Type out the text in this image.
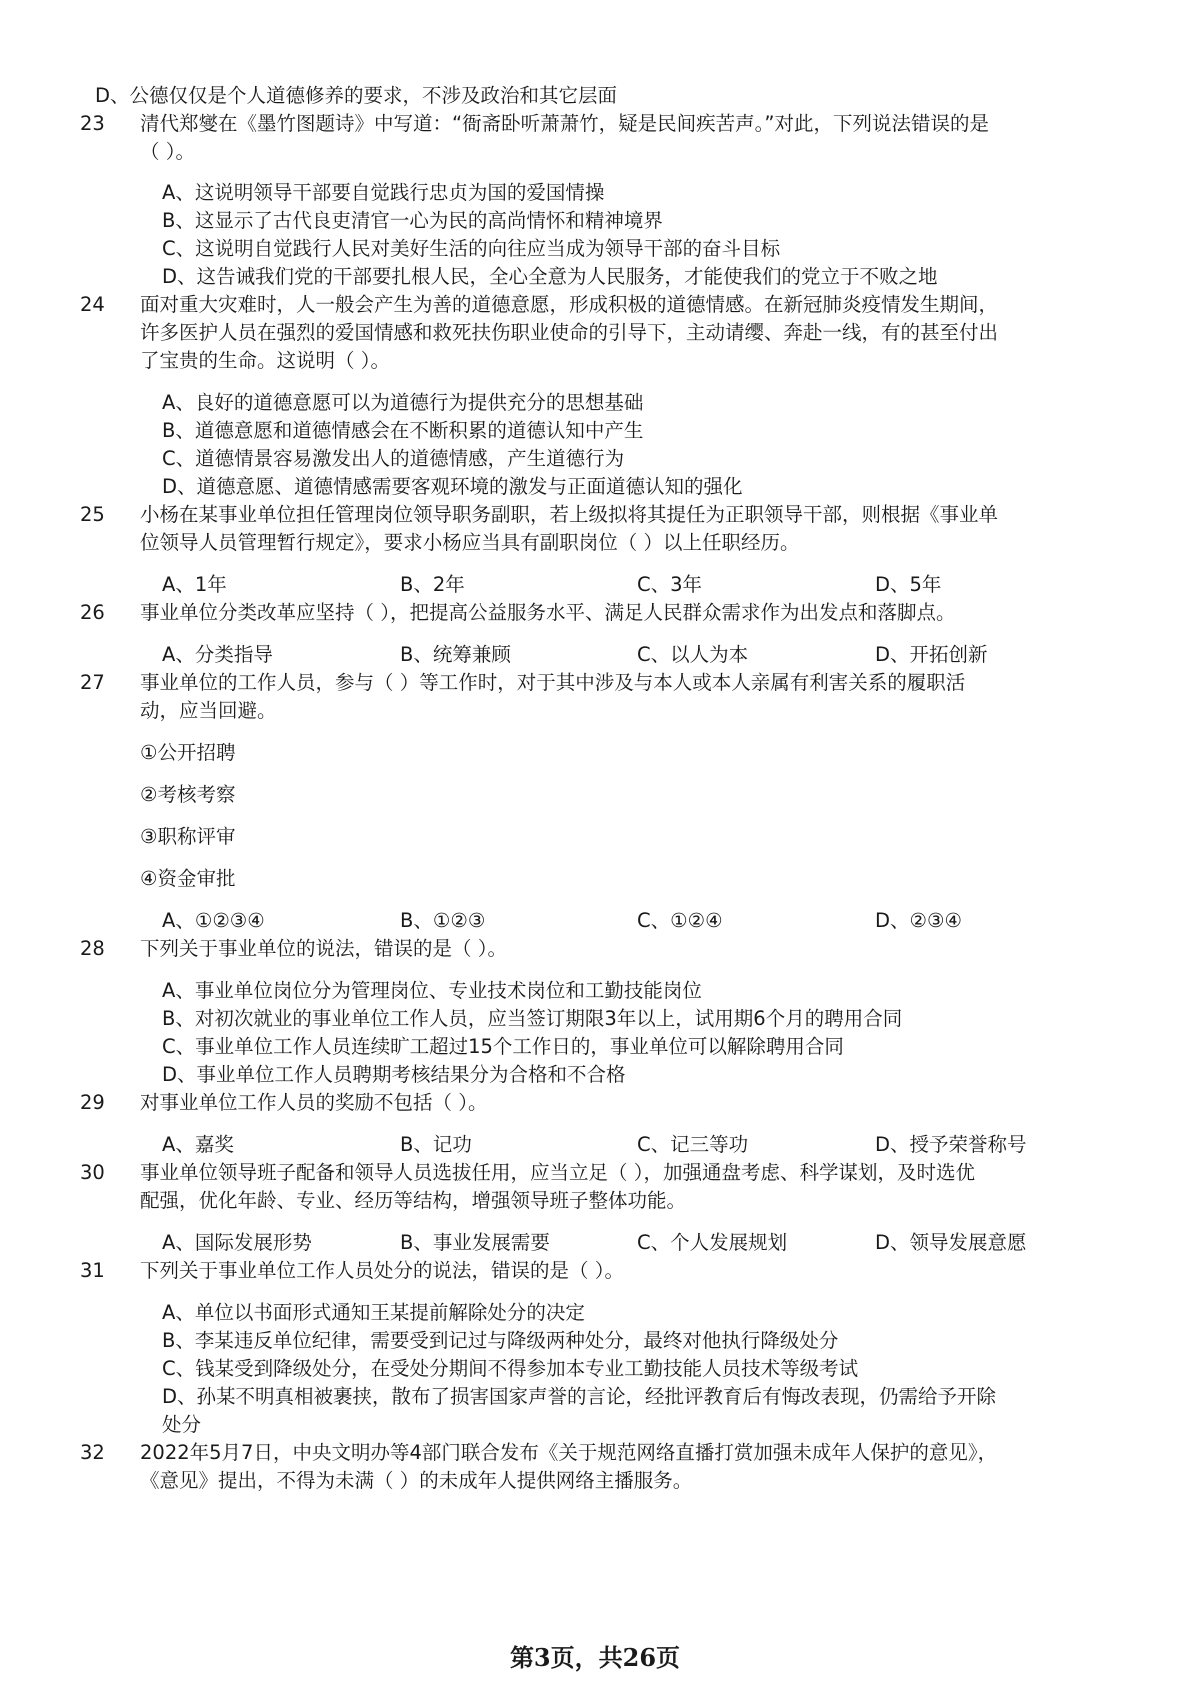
D、公德仅仅是个人道德修养的要求，不涉及政治和其它层面
23 清代郑燮在《墨竹图题诗》中写道：“衙斋卧听萧萧竹，疑是民间疾苦声。”对此，下列说法错误的是
（ ）。
A、这说明领导干部要自觉践行忠贞为国的爱国情操
B、这显示了古代良吏清官一心为民的高尚情怀和精神境界
C、这说明自觉践行人民对美好生活的向往应当成为领导干部的奋斗目标
D、这告诫我们党的干部要扎根人民，全心全意为人民服务，才能使我们的党立于不败之地
24 面对重大灾难时，人一般会产生为善的道德意愿，形成积极的道德情感。在新冠肺炎疫情发生期间，
许多医护人员在强烈的爱国情感和救死扶伤职业使命的引导下，主动请缨、奔赴一线，有的甚至付出
了宝贵的生命。这说明（ ）。
A、良好的道德意愿可以为道德行为提供充分的思想基础
B、道德意愿和道德情感会在不断积累的道德认知中产生
C、道德情景容易激发出人的道德情感，产生道德行为
D、道德意愿、道德情感需要客观环境的激发与正面道德认知的强化
25 小杨在某事业单位担任管理岗位领导职务副职，若上级拟将其提任为正职领导干部，则根据《事业单
位领导人员管理暂行规定》，要求小杨应当具有副职岗位（ ）以上任职经历。
A、1年	B、2年	C、3年	D、5年
26 事业单位分类改革应坚持（ ），把提高公益服务水平、满足人民群众需求作为出发点和落脚点。
A、分类指导	B、统筹兼顾	C、以人为本	D、开拓创新
27 事业单位的工作人员，参与（ ）等工作时，对于其中涉及与本人或本人亲属有利害关系的履职活
动，应当回避。
①公开招聘
②考核考察
③职称评审
④资金审批
A、①②③④	B、①②③	C、①②④	D、②③④
28 下列关于事业单位的说法，错误的是（ ）。
A、事业单位岗位分为管理岗位、专业技术岗位和工勤技能岗位
B、对初次就业的事业单位工作人员，应当签订期限3年以上，试用期6个月的聘用合同
C、事业单位工作人员连续旷工超过15个工作日的，事业单位可以解除聘用合同
D、事业单位工作人员聘期考核结果分为合格和不合格
29 对事业单位工作人员的奖励不包括（ ）。
A、嘉奖	B、记功	C、记三等功	D、授予荣誉称号
30 事业单位领导班子配备和领导人员选拔任用，应当立足（ ），加强通盘考虑、科学谋划，及时选优
配强，优化年龄、专业、经历等结构，增强领导班子整体功能。
A、国际发展形势	B、事业发展需要	C、个人发展规划	D、领导发展意愿
31 下列关于事业单位工作人员处分的说法，错误的是（ ）。
A、单位以书面形式通知王某提前解除处分的决定
B、李某违反单位纪律，需要受到记过与降级两种处分，最终对他执行降级处分
C、钱某受到降级处分，在受处分期间不得参加本专业工勤技能人员技术等级考试
D、孙某不明真相被裹挟，散布了损害国家声誉的言论，经批评教育后有悔改表现，仍需给予开除
处分
32 2022年5月7日，中央文明办等4部门联合发布《关于规范网络直播打赏加强未成年人保护的意见》，
《意见》提出，不得为未满（ ）的未成年人提供网络主播服务。
第3页，共26页
